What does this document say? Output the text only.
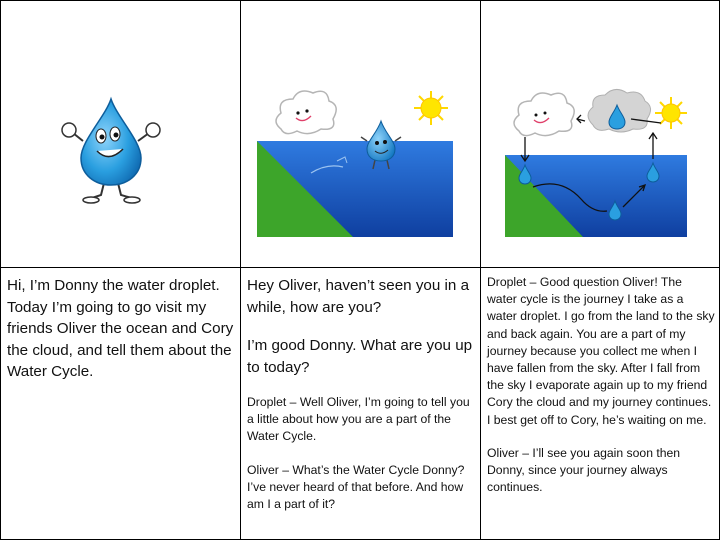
Hi, I’m Donny the water droplet. Today I’m going to go visit my friends Oliver the ocean and Cory the cloud, and tell them about the Water Cycle.

Hey Oliver, haven’t seen you in a while, how are you?

I’m good Donny. What are you up to today?

Droplet – Well Oliver, I’m going to tell you a little about how you are a part of the Water Cycle.

Oliver – What’s the Water Cycle Donny? I’ve never heard of that before. And how am I a part of it?

Droplet – Good question Oliver! The water cycle is the journey I take as a water droplet. I go from the land to the sky and back again. You are a part of my journey because you collect me when I have fallen from the sky. After I fall from the sky I evaporate again up to my friend Cory the cloud and my journey continues. I best get off to Cory, he’s waiting on me.

Oliver – I’ll see you again soon then Donny, since your journey always continues.
